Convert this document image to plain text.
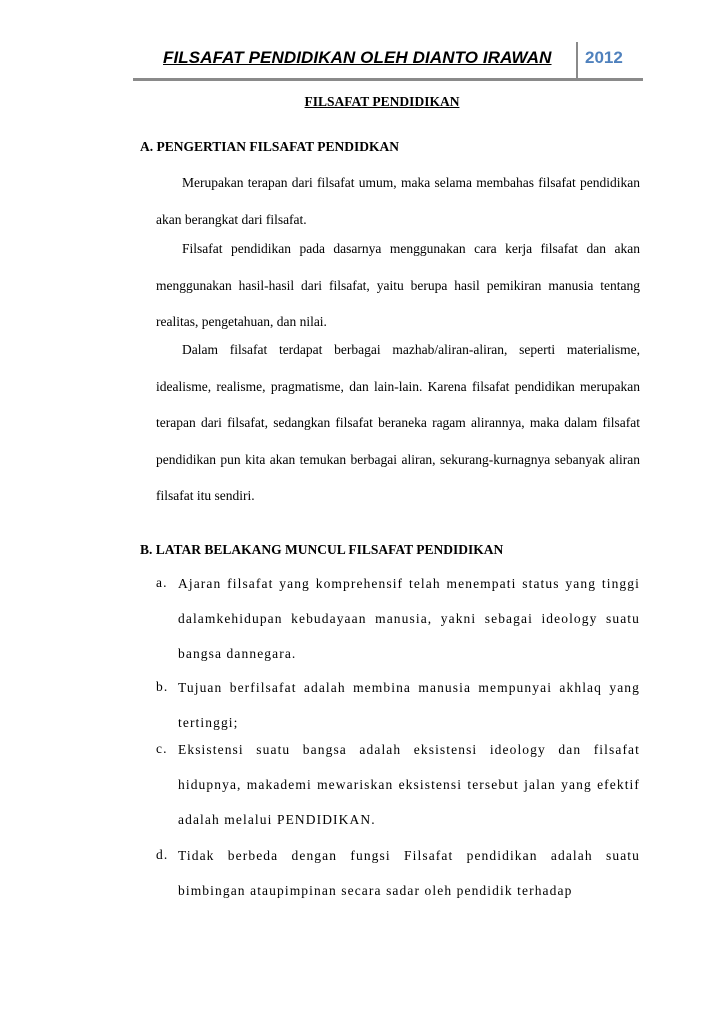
FILSAFAT PENDIDIKAN OLEH DIANTO IRAWAN 2012
FILSAFAT PENDIDIKAN
A. PENGERTIAN FILSAFAT PENDIDKAN

Merupakan terapan dari filsafat umum, maka selama membahas filsafat pendidikan akan berangkat dari filsafat.

Filsafat pendidikan pada dasarnya menggunakan cara kerja filsafat dan akan menggunakan hasil-hasil dari filsafat, yaitu berupa hasil pemikiran manusia tentang realitas, pengetahuan, dan nilai.

Dalam filsafat terdapat berbagai mazhab/aliran-aliran, seperti materialisme, idealisme, realisme, pragmatisme, dan lain-lain. Karena filsafat pendidikan merupakan terapan dari filsafat, sedangkan filsafat beraneka ragam alirannya, maka dalam filsafat pendidikan pun kita akan temukan berbagai aliran, sekurang-kurnagnya sebanyak aliran filsafat itu sendiri.

B. LATAR BELAKANG MUNCUL FILSAFAT PENDIDIKAN
a. Ajaran filsafat yang komprehensif telah menempati status yang tinggi dalamkehidupan kebudayaan manusia, yakni sebagai ideology suatu bangsa dannegara.

b. Tujuan berfilsafat adalah membina manusia mempunyai akhlaq yang tertinggi;

c. Eksistensi suatu bangsa adalah eksistensi ideology dan filsafat hidupnya, makademi mewariskan eksistensi tersebut jalan yang efektif adalah melalui PENDIDIKAN.

d. Tidak berbeda dengan fungsi Filsafat pendidikan adalah suatu bimbingan ataupimpinan secara sadar oleh pendidik terhadap
